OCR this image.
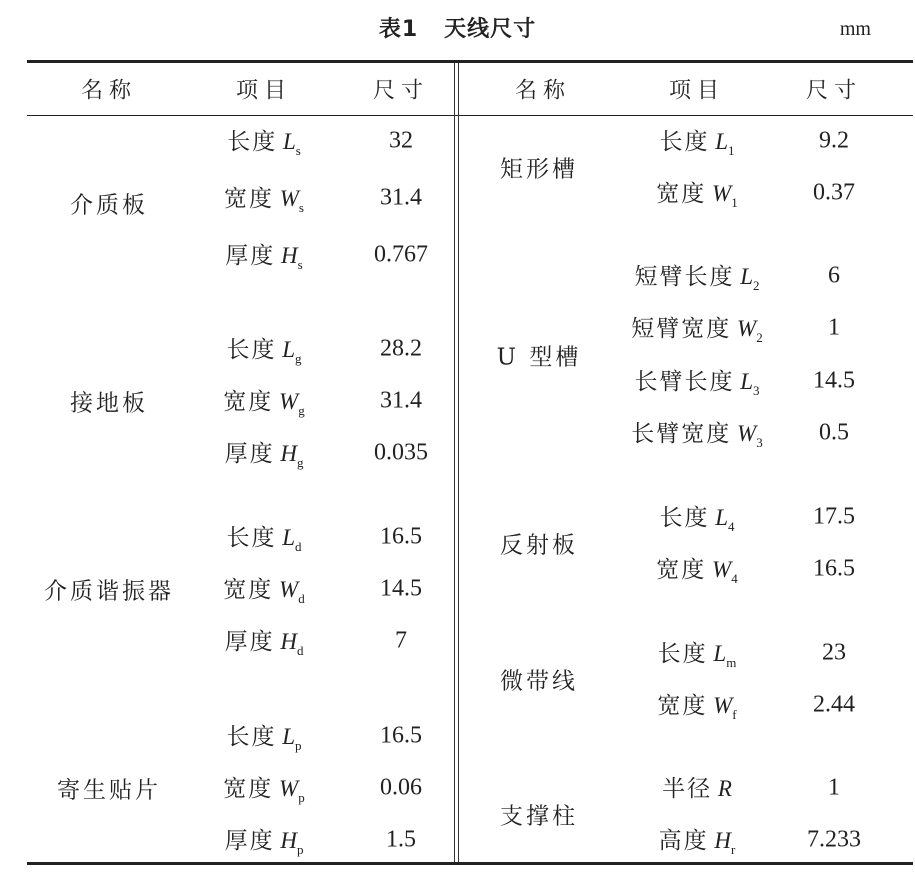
表1 天线尺寸	mm
名称	项目	尺寸	名称	项目	尺寸
介质板
长度 $L_s$	32
宽度 $W_s$	31.4
厚度 $H_s$	0.767
接地板
长度 $L_g$	28.2
宽度 $W_g$	31.4
厚度 $H_g$	0.035
介质谐振器
长度 $L_d$	16.5
宽度 $W_d$	14.5
厚度 $H_d$	7
寄生贴片
长度 $L_p$	16.5
宽度 $W_p$	0.06
厚度 $H_p$	1.5
矩形槽
长度 $L_1$	9.2
宽度 $W_1$	0.37
U 型槽
短臂长度 $L_2$	6
短臂宽度 $W_2$	1
长臂长度 $L_3$ 14.5
长臂宽度 $W_3$ 0.5
反射板
长度 $L_4$	17.5
宽度 $W_4$	16.5
微带线
长度 $L_m$	23
宽度 $W_f$	2.44
支撑柱
半径 R	1
高度 $H_r$	7.233
